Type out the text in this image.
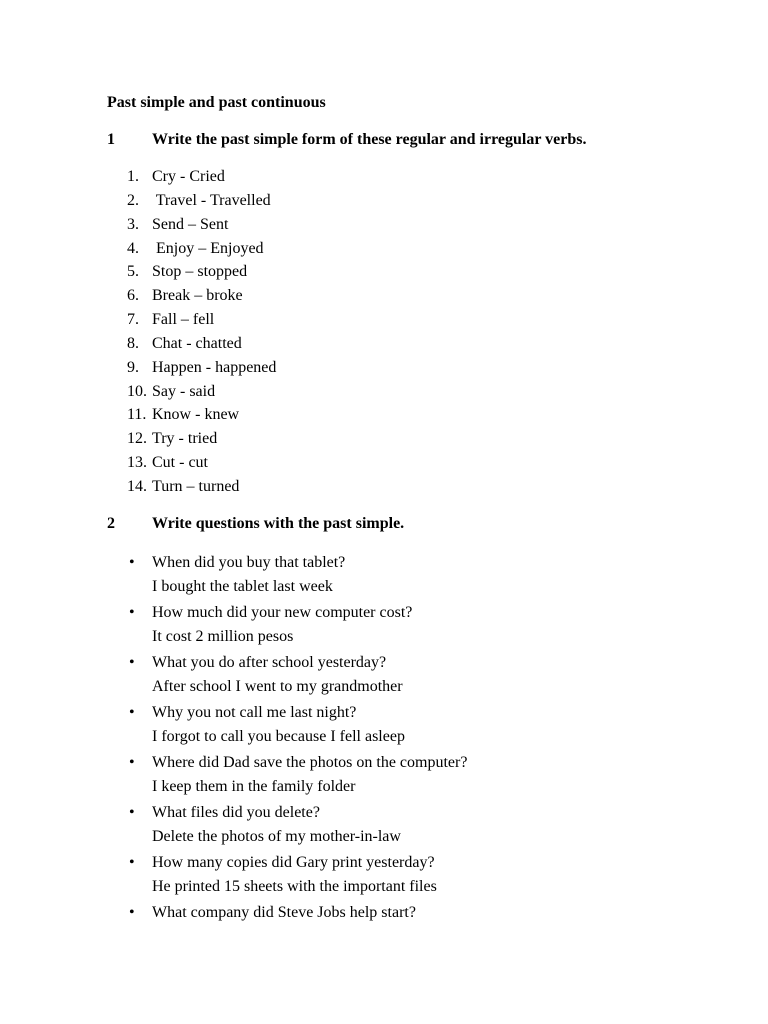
Past simple and past continuous
1 Write the past simple form of these regular and irregular verbs.
1. Cry - Cried
2. Travel - Travelled
3. Send – Sent
4. Enjoy – Enjoyed
5. Stop – stopped
6. Break – broke
7. Fall – fell
8. Chat - chatted
9. Happen - happened
10. Say - said
11. Know - knew
12. Try - tried
13. Cut - cut
14. Turn – turned
2 Write questions with the past simple.
• When did you buy that tablet?
I bought the tablet last week
• How much did your new computer cost?
It cost 2 million pesos
• What you do after school yesterday?
After school I went to my grandmother
• Why you not call me last night?
I forgot to call you because I fell asleep
• Where did Dad save the photos on the computer?
I keep them in the family folder
• What files did you delete?
Delete the photos of my mother-in-law
• How many copies did Gary print yesterday?
He printed 15 sheets with the important files
• What company did Steve Jobs help start?
